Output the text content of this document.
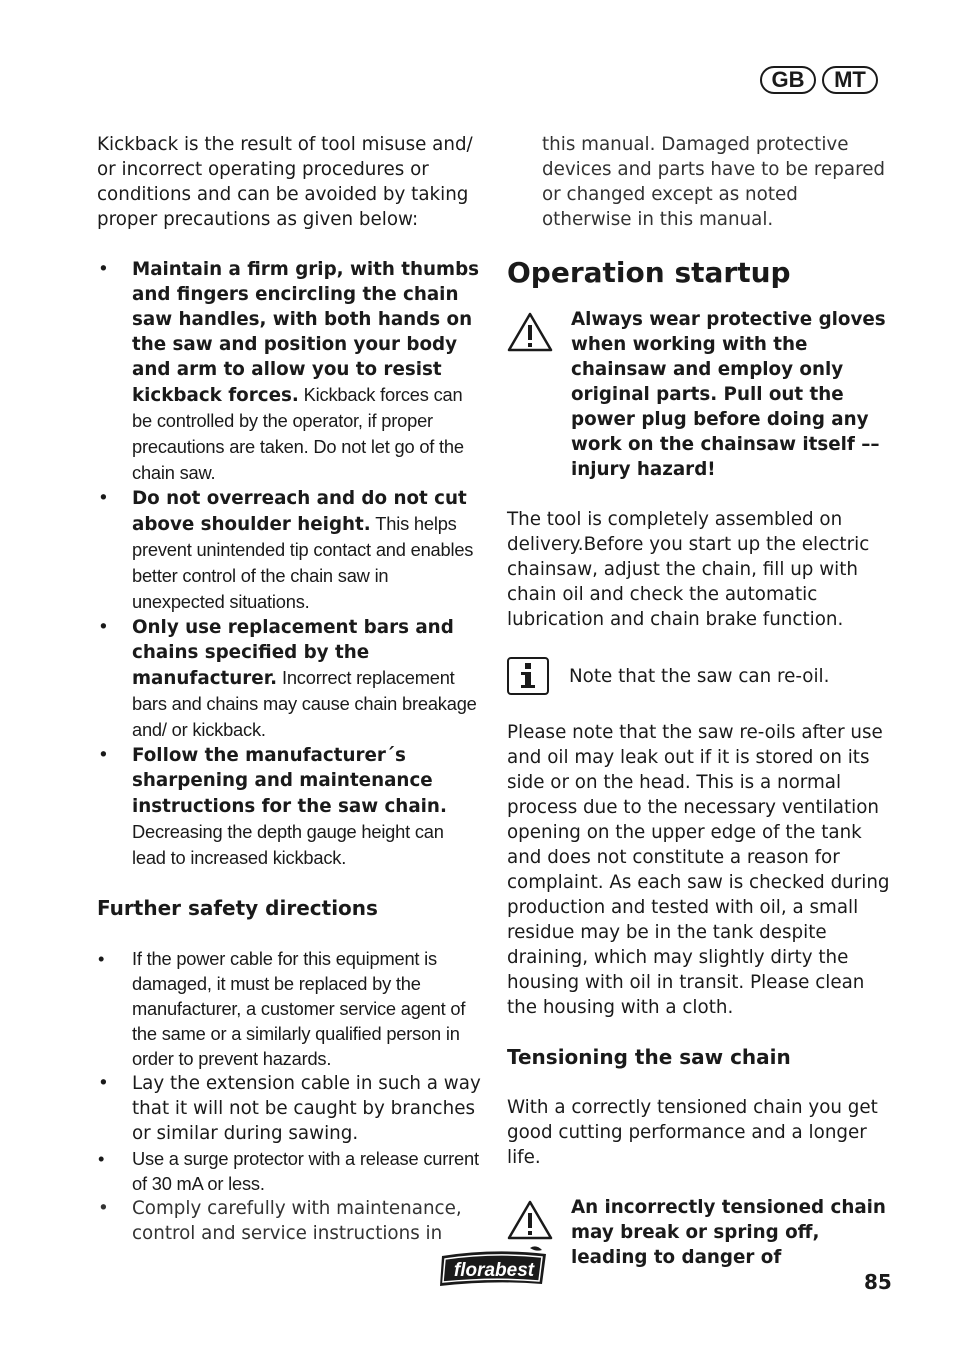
GB	MT

Kickback is the result of tool misuse and/ or incorrect operating procedures or conditions and can be avoided by taking proper precautions as given below:

• Maintain a firm grip, with thumbs and fingers encircling the chain saw handles, with both hands on the saw and position your body and arm to allow you to resist kickback forces. Kickback forces can be controlled by the operator, if proper precautions are taken. Do not let go of the chain saw.
• Do not overreach and do not cut above shoulder height. This helps prevent unintended tip contact and enables better control of the chain saw in unexpected situations.
• Only use replacement bars and chains specified by the manufacturer. Incorrect replacement bars and chains may cause chain breakage and/ or kickback.
• Follow the manufacturer´s sharpening and maintenance instructions for the saw chain. Decreasing the depth gauge height can lead to increased kickback.
Further safety directions
• If the power cable for this equipment is damaged, it must be replaced by the manufacturer, a customer service agent of the same or a similarly qualified person in order to prevent hazards.
• Lay the extension cable in such a way that it will not be caught by branches or similar during sawing.
• Use a surge protector with a release current of 30 mA or less.
• Comply carefully with maintenance, control and service instructions in

this manual. Damaged protective devices and parts have to be repared or changed except as noted otherwise in this manual.

Operation startup

Always wear protective gloves when working with the chainsaw and employ only original parts. Pull out the power plug before doing any work on the chainsaw itself –– injury hazard!

The tool is completely assembled on delivery.Before you start up the electric chainsaw, adjust the chain, fill up with chain oil and check the automatic lubrication and chain brake function.

Note that the saw can re-oil.

Please note that the saw re-oils after use and oil may leak out if it is stored on its side or on the head. This is a normal process due to the necessary ventilation opening on the upper edge of the tank and does not constitute a reason for complaint. As each saw is checked during production and tested with oil, a small residue may be in the tank despite draining, which may slightly dirty the housing with oil in transit. Please clean the housing with a cloth.

Tensioning the saw chain

With a correctly tensioned chain you get good cutting performance and a longer life.

An incorrectly tensioned chain may break or spring off, leading to danger of

florabest	85
